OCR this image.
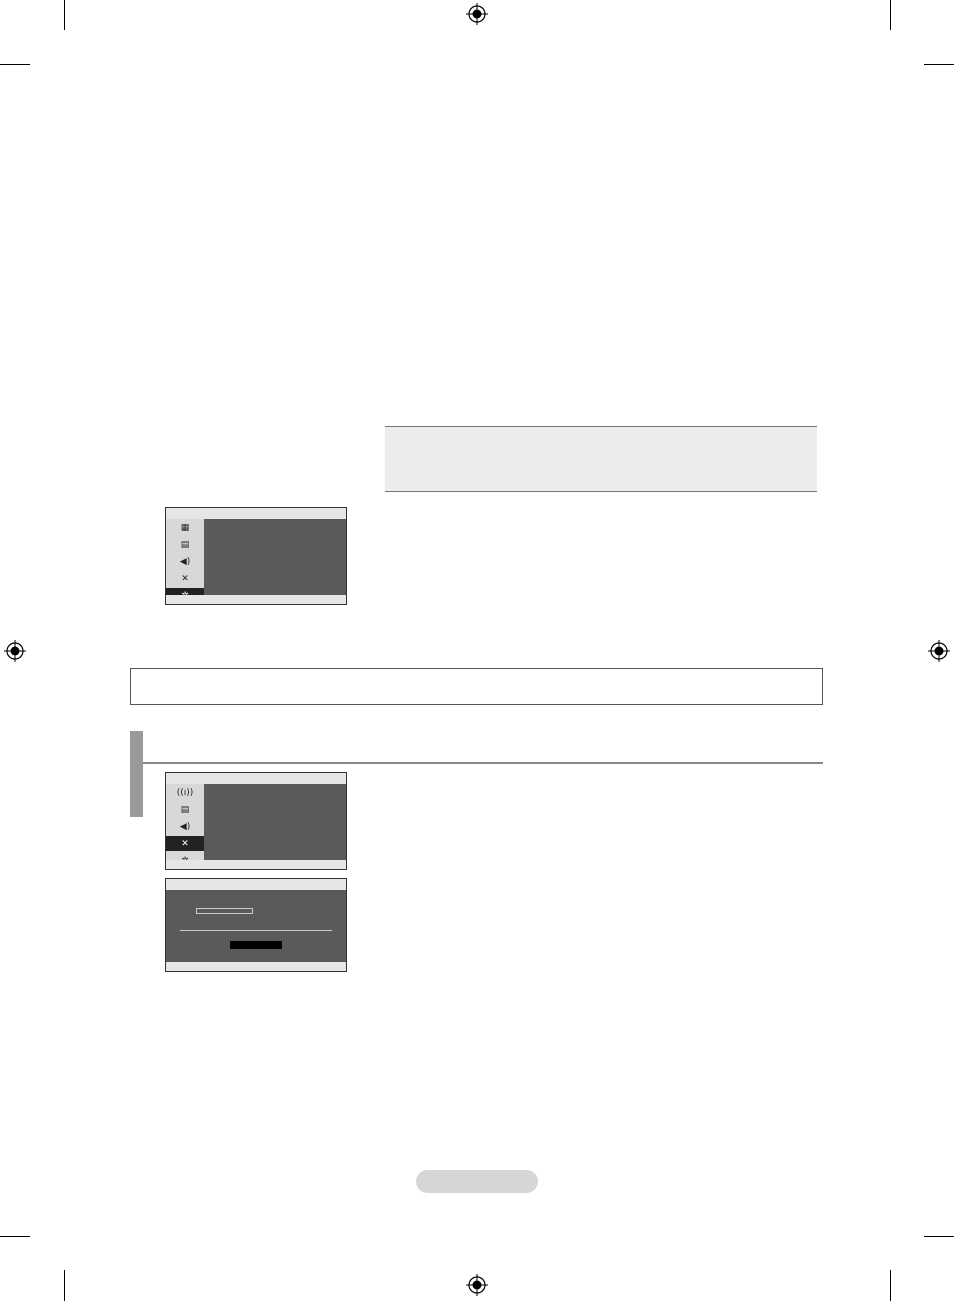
▦
▤
◀)
✕
((ı))
▤
◀)
✕
